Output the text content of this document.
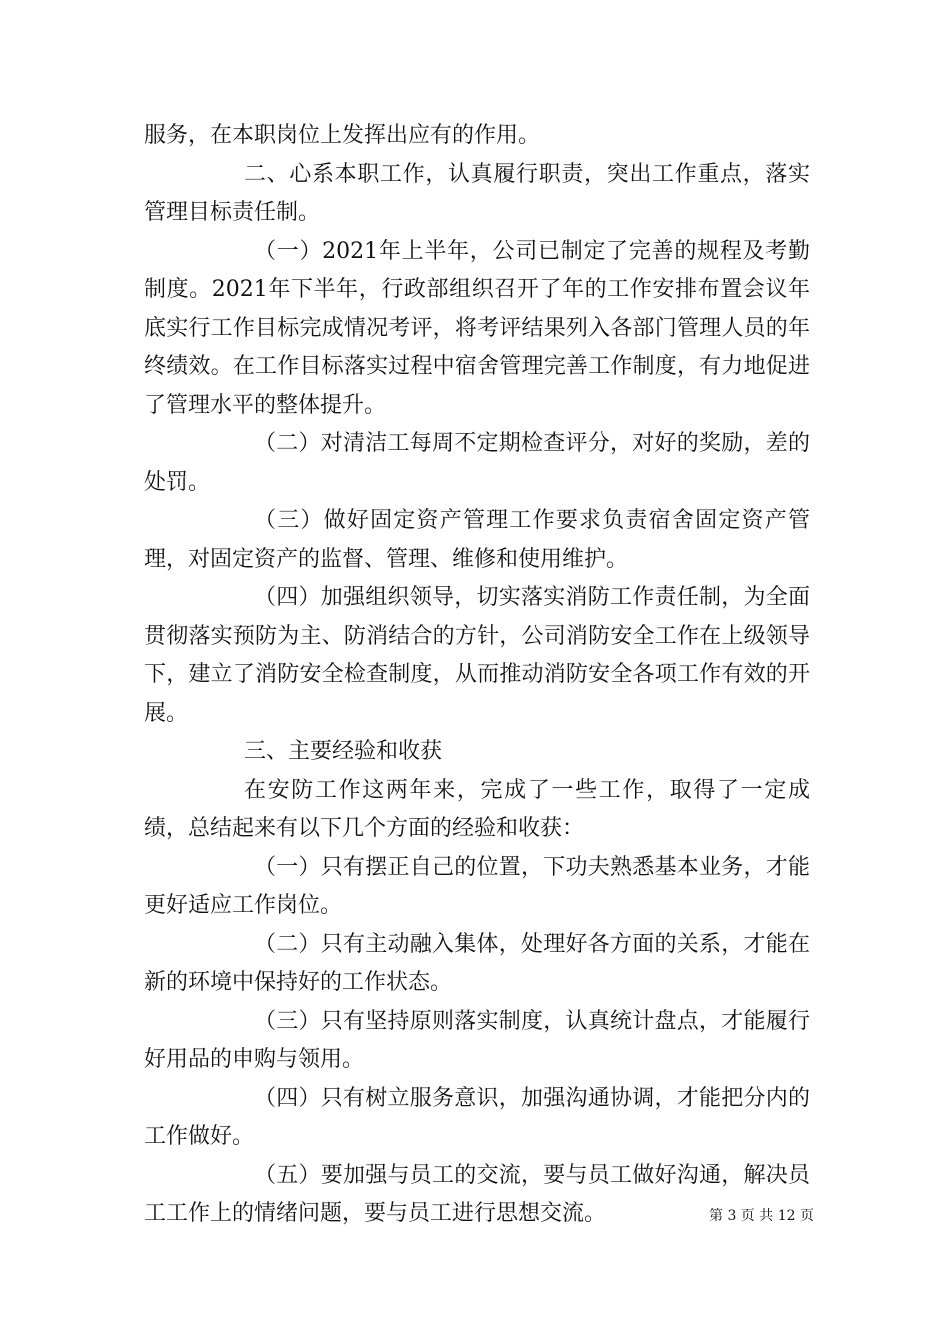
服务，在本职岗位上发挥出应有的作用。

二、心系本职工作，认真履行职责，突出工作重点，落实管理目标责任制。

（一）2021年上半年，公司已制定了完善的规程及考勤制度。2021年下半年，行政部组织召开了年的工作安排布置会议年底实行工作目标完成情况考评，将考评结果列入各部门管理人员的年终绩效。在工作目标落实过程中宿舍管理完善工作制度，有力地促进了管理水平的整体提升。

（二）对清洁工每周不定期检查评分，对好的奖励，差的处罚。

（三）做好固定资产管理工作要求负责宿舍固定资产管理，对固定资产的监督、管理、维修和使用维护。

（四）加强组织领导，切实落实消防工作责任制，为全面贯彻落实预防为主、防消结合的方针，公司消防安全工作在上级领导下，建立了消防安全检查制度，从而推动消防安全各项工作有效的开展。

三、主要经验和收获

在安防工作这两年来，完成了一些工作，取得了一定成绩，总结起来有以下几个方面的经验和收获：

（一）只有摆正自己的位置，下功夫熟悉基本业务，才能更好适应工作岗位。

（二）只有主动融入集体，处理好各方面的关系，才能在新的环境中保持好的工作状态。

（三）只有坚持原则落实制度，认真统计盘点，才能履行好用品的申购与领用。

（四）只有树立服务意识，加强沟通协调，才能把分内的工作做好。

（五）要加强与员工的交流，要与员工做好沟通，解决员工工作上的情绪问题，要与员工进行思想交流。	第 3 页 共 12 页
